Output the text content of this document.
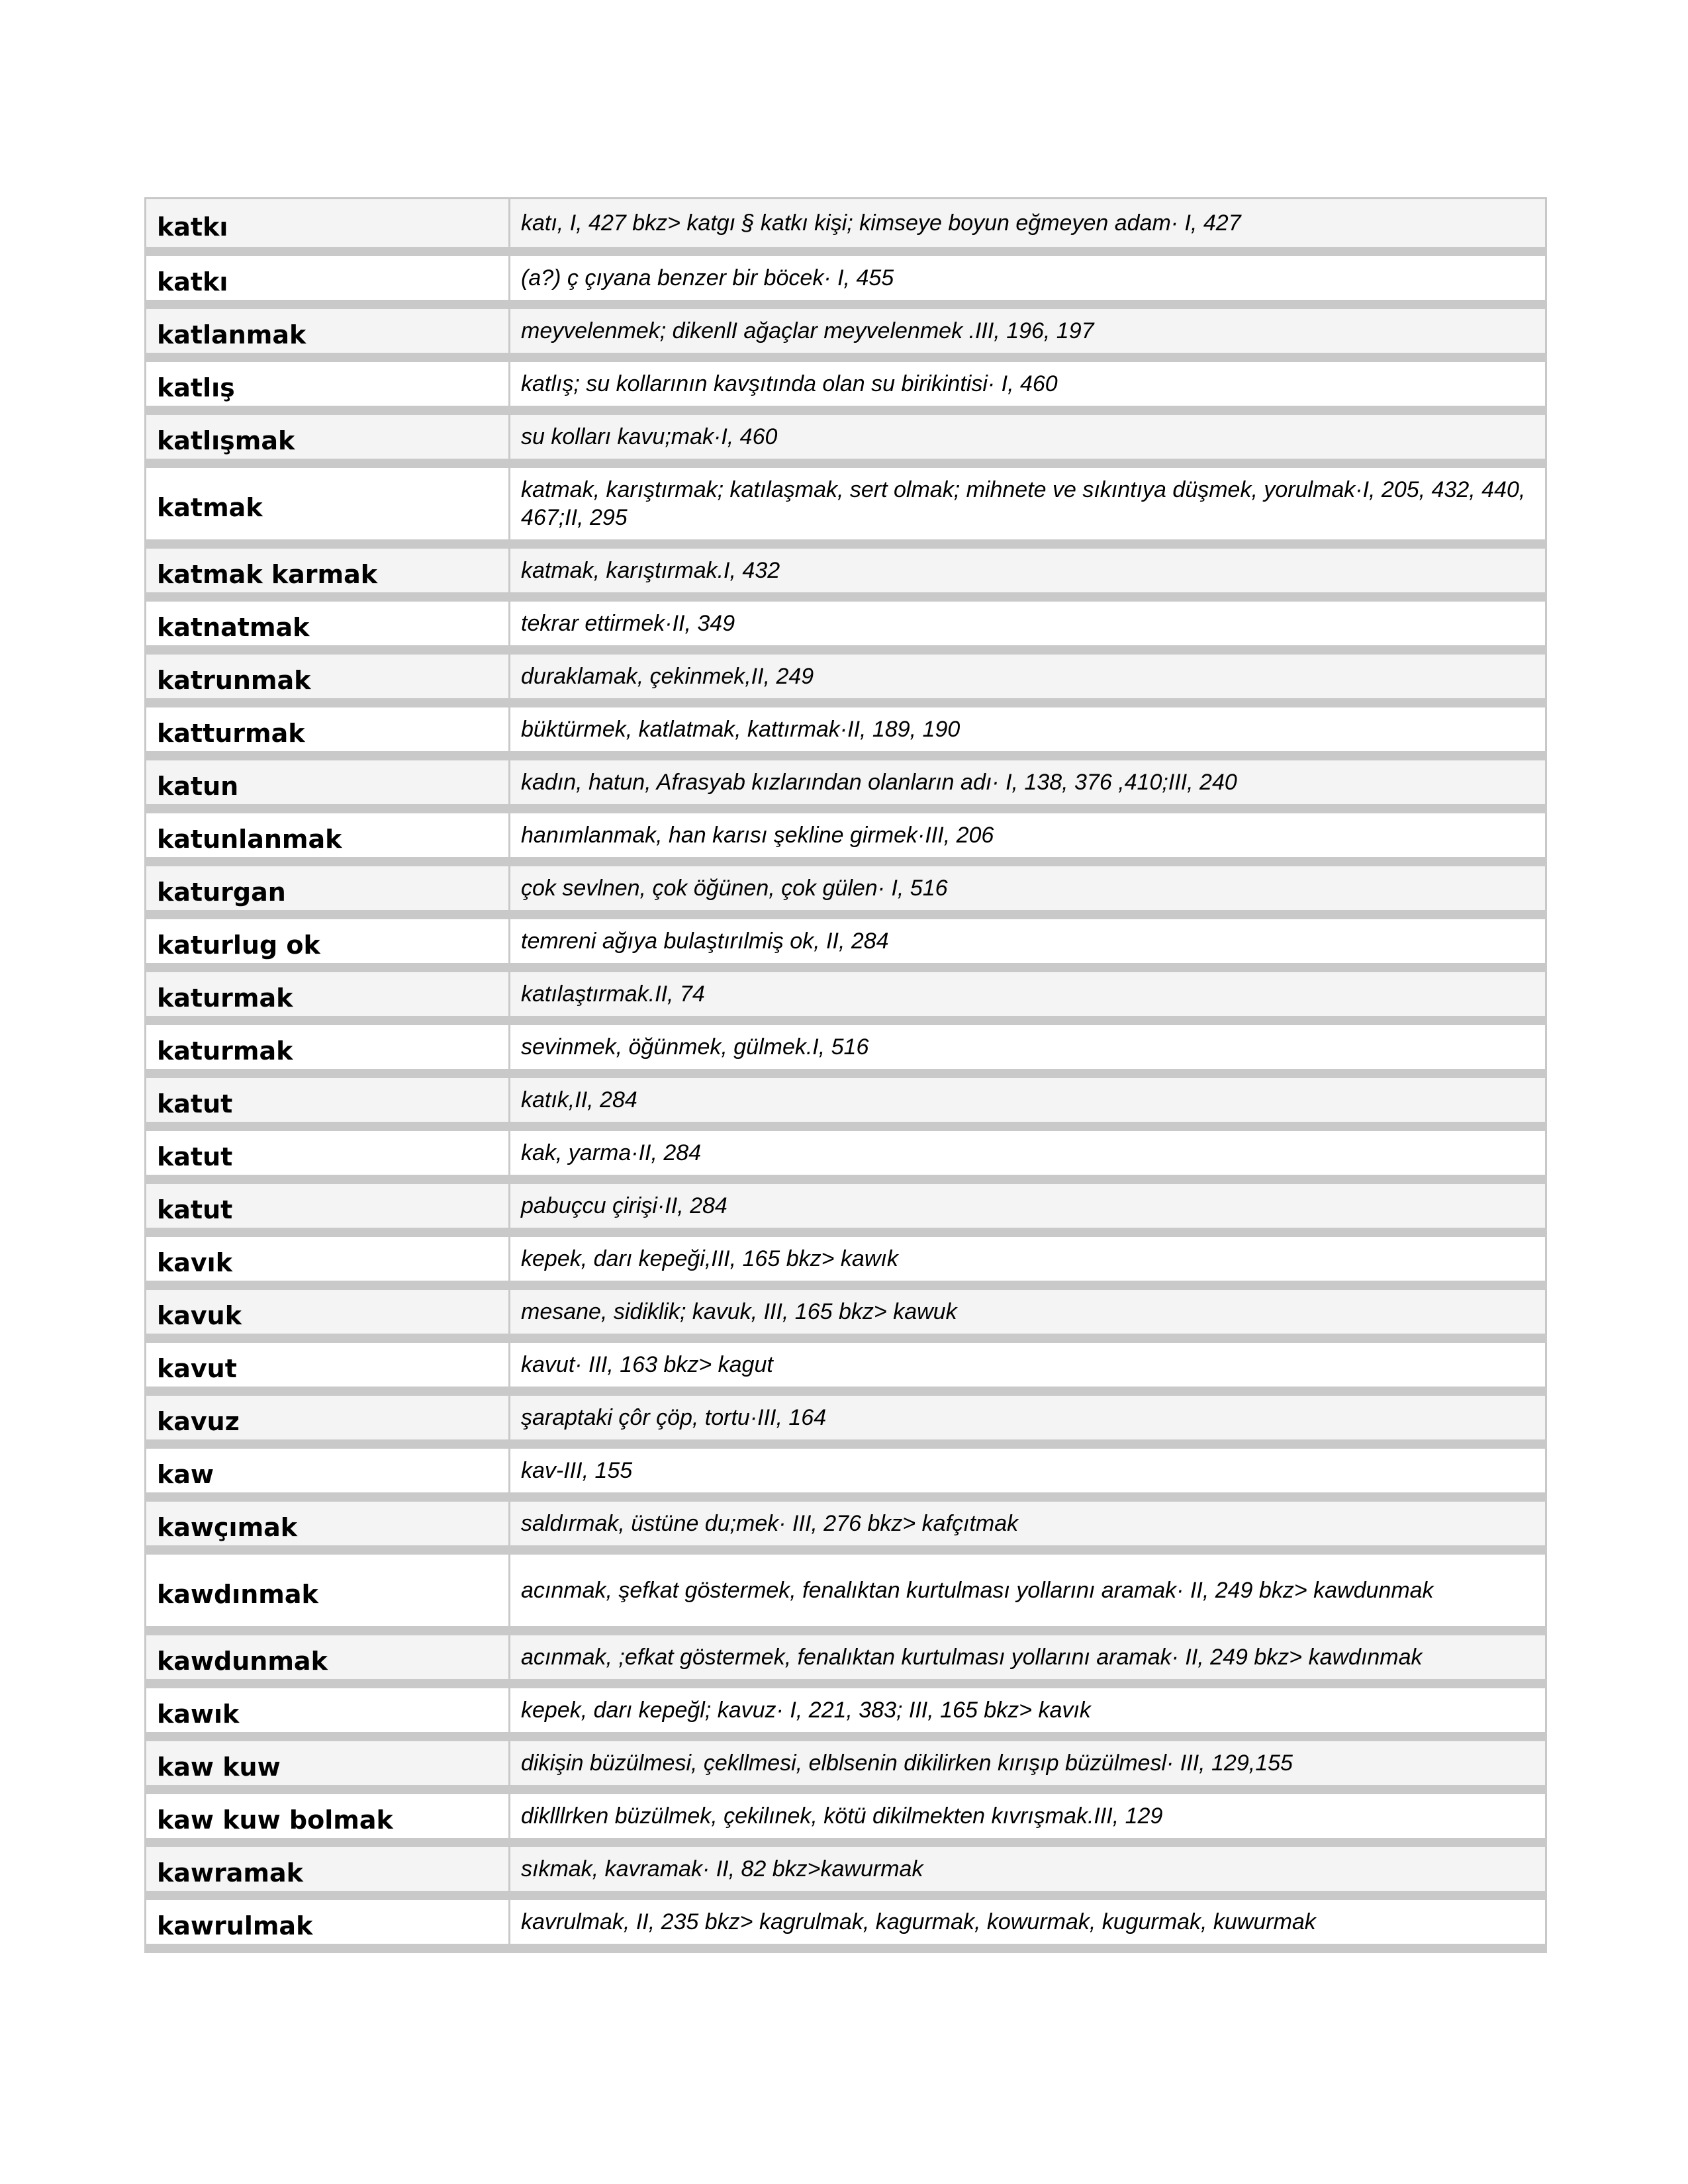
katkı	katı, I, 427 bkz> katgı § katkı kişi; kimseye boyun eğmeyen adam· I, 427
katkı	(a?) ç çıyana benzer bir böcek· I, 455
katlanmak	meyvelenmek; dikenlI ağaçlar meyvelenmek .III, 196, 197
katlış	katlış; su kollarının kavşıtında olan su birikintisi· I, 460
katlışmak	su kolları kavu;mak·I, 460
katmak	katmak, karıştırmak; katılaşmak, sert olmak; mihnete ve sıkıntıya düşmek, yorulmak·I, 205, 432, 440, 467;II, 295
katmak karmak	katmak, karıştırmak.I, 432
katnatmak	tekrar ettirmek·II, 349
katrunmak	duraklamak, çekinmek,II, 249
katturmak	büktürmek, katlatmak, kattırmak·II, 189, 190
katun	kadın, hatun, Afrasyab kızlarından olanların adı· I, 138, 376 ,410;III, 240
katunlanmak	hanımlanmak, han karısı şekline girmek·III, 206
katurgan	çok sevlnen, çok öğünen, çok gülen· I, 516
katurlug ok	temreni ağıya bulaştırılmiş ok, II, 284
katurmak	katılaştırmak.II, 74
katurmak	sevinmek, öğünmek, gülmek.I, 516
katut	katık,II, 284
katut	kak, yarma·II, 284
katut	pabuçcu çirişi·II, 284
kavık	kepek, darı kepeği,III, 165 bkz> kawık
kavuk	mesane, sidiklik; kavuk, III, 165 bkz> kawuk
kavut	kavut· III, 163 bkz> kagut
kavuz	şaraptaki çôr çöp, tortu·III, 164
kaw	kav-III, 155
kawçımak	saldırmak, üstüne du;mek· III, 276 bkz> kafçıtmak
kawdınmak	acınmak, şefkat göstermek, fenalıktan kurtulması yollarını aramak· II, 249 bkz> kawdunmak
kawdunmak	acınmak, ;efkat göstermek, fenalıktan kurtulması yollarını aramak· II, 249 bkz> kawdınmak
kawık	kepek, darı kepeğl; kavuz· I, 221, 383; III, 165 bkz> kavık
kaw kuw	dikişin büzülmesi, çekllmesi, elblsenin dikilirken kırışıp büzülmesl· III, 129,155
kaw kuw bolmak	diklllrken büzülmek, çekilınek, kötü dikilmekten kıvrışmak.III, 129
kawramak	sıkmak, kavramak· II, 82 bkz>kawurmak
kawrulmak	kavrulmak, II, 235 bkz> kagrulmak, kagurmak, kowurmak, kugurmak, kuwurmak
